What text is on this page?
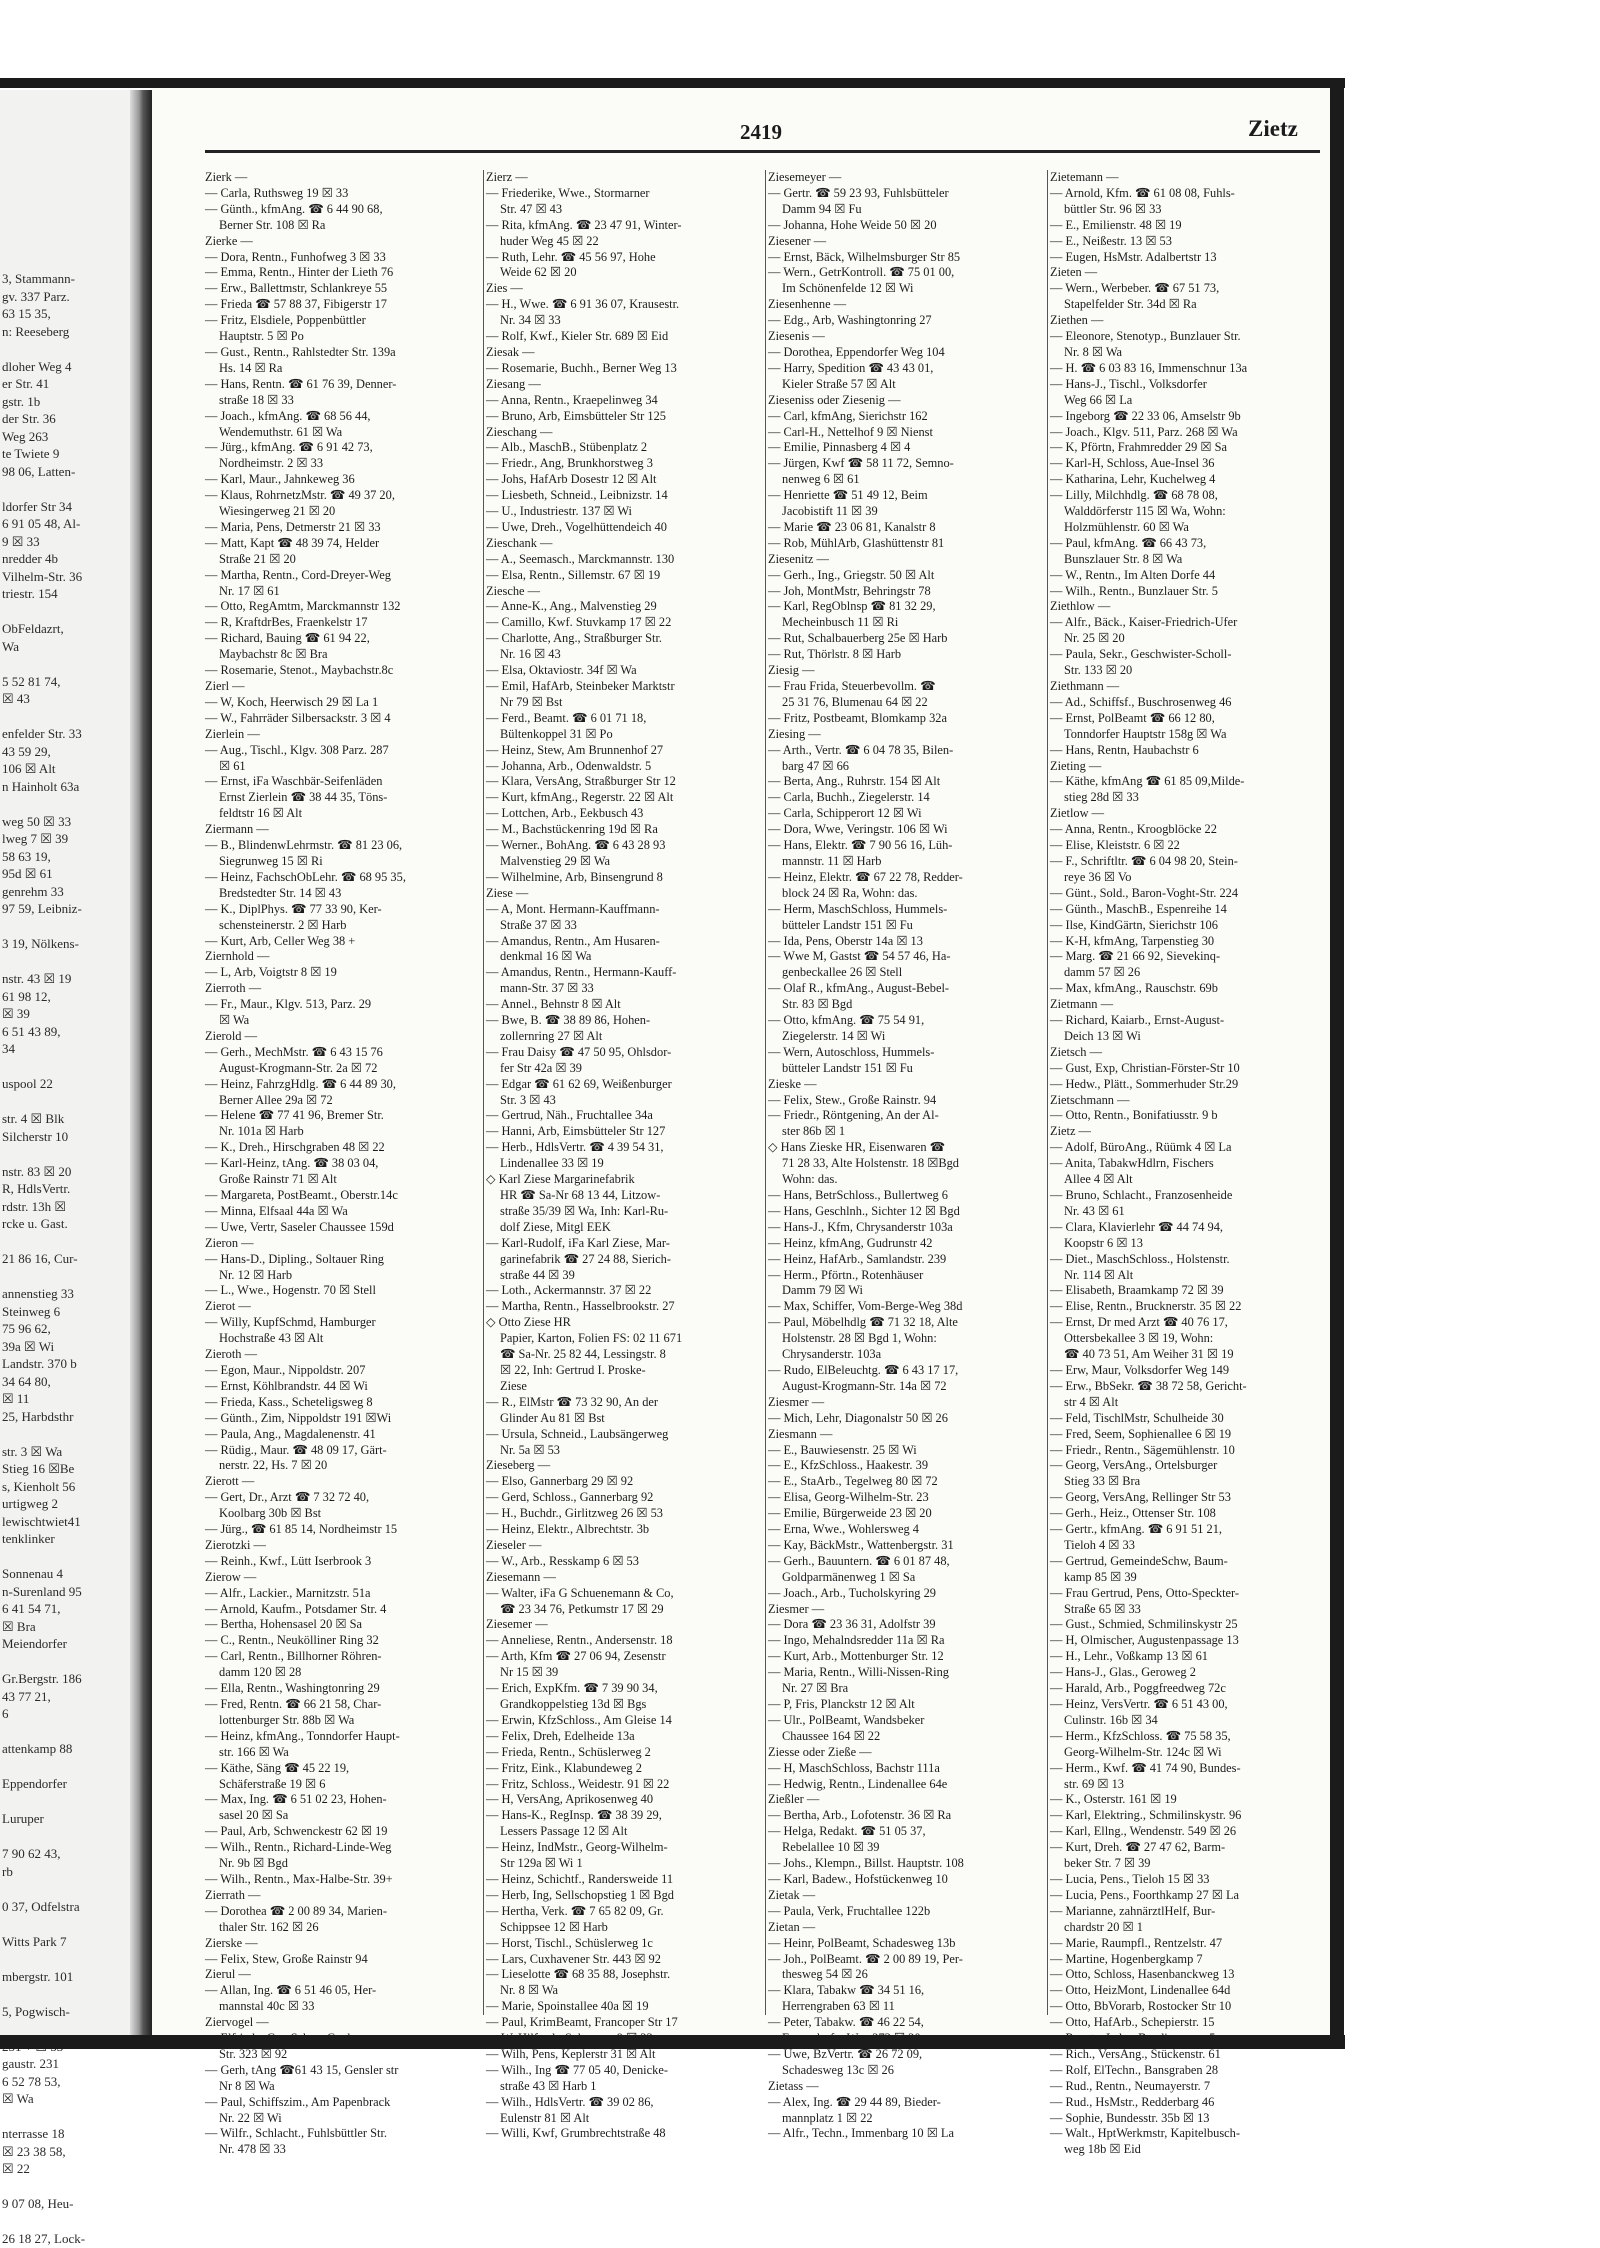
3, Stammann-
gv. 337 Parz.
63 15 35,
n: Reeseberg

dloher Weg 4
er Str. 41
gstr. 1b
der Str. 36
Weg 263
te Twiete 9
98 06, Latten-

ldorfer Str 34
6 91 05 48, Al-
9 ☒ 33
nredder 4b
Vilhelm-Str. 36
triestr. 154

ObFeldazrt,
Wa

5 52 81 74,
☒ 43

enfelder Str. 33
43 59 29,
106 ☒ Alt
n Hainholt 63a

weg 50 ☒ 33
lweg 7 ☒ 39
58 63 19,
95d ☒ 61
genrehm 33
97 59, Leibniz-

3 19, Nölkens-

nstr. 43 ☒ 19
61 98 12,
☒ 39
6 51 43 89,
34

uspool 22

str. 4 ☒ Blk
Silcherstr 10

nstr. 83 ☒ 20
R, HdlsVertr.
rdstr. 13h ☒
rcke u. Gast.

21 86 16, Cur-

annenstieg 33
Steinweg 6
75 96 62,
39a ☒ Wi
Landstr. 370 b
34 64 80,
☒ 11
25, Harbdsthr

str. 3 ☒ Wa
Stieg 16 ☒Be
s, Kienholt 56
urtigweg 2
lewischtwiet41
tenklinker

Sonnenau 4
n-Surenland 95
6 41 54 71,
☒ Bra
Meiendorfer

Gr.Bergstr. 186
43 77 21,
6

attenkamp 88

Eppendorfer

Luruper

7 90 62 43,
rb

0 37, Odfelstra

Witts Park 7

mbergstr. 101

5, Pogwisch-

gaustr. 231
6 52 78 53,
☒ Wa

nterrasse 18
☒ 23 38 58,
☒ 22

9 07 08, Heu-

26 18 27, Lock-
2419	Zietz
Zierk —
— Carla, Ruthsweg 19 ☒ 33
— Günth., kfmAng. ☎ 6 44 90 68,
Berner Str. 108 ☒ Ra
Zierke —
— Dora, Rentn., Funhofweg 3 ☒ 33
— Emma, Rentn., Hinter der Lieth 76
— Erw., Ballettmstr, Schlankreye 55
— Frieda ☎ 57 88 37, Fibigerstr 17
— Fritz, Elsdiele, Poppenbüttler
Hauptstr. 5 ☒ Po
— Gust., Rentn., Rahlstedter Str. 139a
Hs. 14 ☒ Ra
— Hans, Rentn. ☎ 61 76 39, Denner-
straße 18 ☒ 33
— Joach., kfmAng. ☎ 68 56 44,
Wendemuthstr. 61 ☒ Wa
— Jürg., kfmAng. ☎ 6 91 42 73,
Nordheimstr. 2 ☒ 33
— Karl, Maur., Jahnkeweg 36
— Klaus, RohrnetzMstr. ☎ 49 37 20,
Wiesingerweg 21 ☒ 20
— Maria, Pens, Detmerstr 21 ☒ 33
— Matt, Kapt ☎ 48 39 74, Helder
Straße 21 ☒ 20
— Martha, Rentn., Cord-Dreyer-Weg
Nr. 17 ☒ 61
— Otto, RegAmtm, Marckmannstr 132
— R, KraftdrBes, Fraenkelstr 17
— Richard, Bauing ☎ 61 94 22,
Maybachstr 8c ☒ Bra
— Rosemarie, Stenot., Maybachstr.8c
Zierl —
— W, Koch, Heerwisch 29 ☒ La 1
— W., Fahrräder Silbersackstr. 3 ☒ 4
Zierlein —
— Aug., Tischl., Klgv. 308 Parz. 287
☒ 61
— Ernst, iFa Waschbär-Seifenläden
Ernst Zierlein ☎ 38 44 35, Töns-
feldtstr 16 ☒ Alt
Ziermann —
— B., BlindenwLehrmstr. ☎ 81 23 06,
Siegrunweg 15 ☒ Ri
— Heinz, FachschObLehr. ☎ 68 95 35,
Bredstedter Str. 14 ☒ 43
— K., DiplPhys. ☎ 77 33 90, Ker-
schensteinerstr. 2 ☒ Harb
— Kurt, Arb, Celler Weg 38 +
Ziernhold —
— L, Arb, Voigtstr 8 ☒ 19
Zierroth —
— Fr., Maur., Klgv. 513, Parz. 29
☒ Wa
Zierold —
— Gerh., MechMstr. ☎ 6 43 15 76
August-Krogmann-Str. 2a ☒ 72
— Heinz, FahrzgHdlg. ☎ 6 44 89 30,
Berner Allee 29a ☒ 72
— Helene ☎ 77 41 96, Bremer Str.
Nr. 101a ☒ Harb
— K., Dreh., Hirschgraben 48 ☒ 22
— Karl-Heinz, tAng. ☎ 38 03 04,
Große Rainstr 71 ☒ Alt
— Margareta, PostBeamt., Oberstr.14c
— Minna, Elfsaal 44a ☒ Wa
— Uwe, Vertr, Saseler Chaussee 159d
Zieron —
— Hans-D., Dipling., Soltauer Ring
Nr. 12 ☒ Harb
— L., Wwe., Hogenstr. 70 ☒ Stell
Zierot —
— Willy, KupfSchmd, Hamburger
Hochstraße 43 ☒ Alt
Zieroth —
— Egon, Maur., Nippoldstr. 207
— Ernst, Köhlbrandstr. 44 ☒ Wi
— Frieda, Kass., Scheteligsweg 8
— Günth., Zim, Nippoldstr 191 ☒Wi
— Paula, Ang., Magdalenenstr. 41
— Rüdig., Maur. ☎ 48 09 17, Gärt-
nerstr. 22, Hs. 7 ☒ 20
Zierott —
— Gert, Dr., Arzt ☎ 7 32 72 40,
Koolbarg 30b ☒ Bst
— Jürg., ☎ 61 85 14, Nordheimstr 15
Zierotzki —
— Reinh., Kwf., Lütt Iserbrook 3
Zierow —
— Alfr., Lackier., Marnitzstr. 51a
— Arnold, Kaufm., Potsdamer Str. 4
— Bertha, Hohensasel 20 ☒ Sa
— C., Rentn., Neukölliner Ring 32
— Carl, Rentn., Billhorner Röhren-
damm 120 ☒ 28
— Ella, Rentn., Washingtonring 29
— Fred, Rentn. ☎ 66 21 58, Char-
lottenburger Str. 88b ☒ Wa
— Heinz, kfmAng., Tonndorfer Haupt-
str. 166 ☒ Wa
— Käthe, Säng ☎ 45 22 19,
Schäferstraße 19 ☒ 6
— Max, Ing. ☎ 6 51 02 23, Hohen-
sasel 20 ☒ Sa
— Paul, Arb, Schwenckestr 62 ☒ 19
— Wilh., Rentn., Richard-Linde-Weg
Nr. 9b ☒ Bgd
— Wilh., Rentn., Max-Halbe-Str. 39+
Zierrath —
— Dorothea ☎ 2 00 89 34, Marien-
thaler Str. 162 ☒ 26
Zierske —
— Felix, Stew, Große Rainstr 94
Zierul —
— Allan, Ing. ☎ 6 51 46 05, Her-
mannstal 40c ☒ 33
Ziervogel —
— Elfriede, GemSchw., Cuxhavener
Str. 323 ☒ 92
— Gerh, tAng ☎61 43 15, Gensler str
Nr 8 ☒ Wa
— Paul, Schiffszim., Am Papenbrack
Nr. 22 ☒ Wi
— Wilfr., Schlacht., Fuhlsbüttler Str.
Nr. 478 ☒ 33
Zierz —
— Friederike, Wwe., Stormarner
Str. 47 ☒ 43
— Rita, kfmAng. ☎ 23 47 91, Winter-
huder Weg 45 ☒ 22
— Ruth, Lehr. ☎ 45 56 97, Hohe
Weide 62 ☒ 20
Zies —
— H., Wwe. ☎ 6 91 36 07, Krausestr.
Nr. 34 ☒ 33
— Rolf, Kwf., Kieler Str. 689 ☒ Eid
Ziesak —
— Rosemarie, Buchh., Berner Weg 13
Ziesang —
— Anna, Rentn., Kraepelinweg 34
— Bruno, Arb, Eimsbütteler Str 125
Zieschang —
— Alb., MaschB., Stübenplatz 2
— Friedr., Ang, Brunkhorstweg 3
— Johs, HafArb Dosestr 12 ☒ Alt
— Liesbeth, Schneid., Leibnizstr. 14
— U., Industriestr. 137 ☒ Wi
— Uwe, Dreh., Vogelhüttendeich 40
Zieschank —
— A., Seemasch., Marckmannstr. 130
— Elsa, Rentn., Sillemstr. 67 ☒ 19
Ziesche —
— Anne-K., Ang., Malvenstieg 29
— Camillo, Kwf. Stuvkamp 17 ☒ 22
— Charlotte, Ang., Straßburger Str.
Nr. 16 ☒ 43
— Elsa, Oktaviostr. 34f ☒ Wa
— Emil, HafArb, Steinbeker Marktstr
Nr 79 ☒ Bst
— Ferd., Beamt. ☎ 6 01 71 18,
Bültenkoppel 31 ☒ Po
— Heinz, Stew, Am Brunnenhof 27
— Johanna, Arb., Odenwaldstr. 5
— Klara, VersAng, Straßburger Str 12
— Kurt, kfmAng., Regerstr. 22 ☒ Alt
— Lottchen, Arb., Eekbusch 43
— M., Bachstückenring 19d ☒ Ra
— Werner., BohAng. ☎ 6 43 28 93
Malvenstieg 29 ☒ Wa
— Wilhelmine, Arb, Binsengrund 8
Ziese —
— A, Mont. Hermann-Kauffmann-
Straße 37 ☒ 33
— Amandus, Rentn., Am Husaren-
denkmal 16 ☒ Wa
— Amandus, Rentn., Hermann-Kauff-
mann-Str. 37 ☒ 33
— Annel., Behnstr 8 ☒ Alt
— Bwe, B. ☎ 38 89 86, Hohen-
zollernring 27 ☒ Alt
— Frau Daisy ☎ 47 50 95, Ohlsdor-
fer Str 42a ☒ 39
— Edgar ☎ 61 62 69, Weißenburger
Str. 3 ☒ 43
— Gertrud, Näh., Fruchtallee 34a
— Hanni, Arb, Eimsbütteler Str 127
— Herb., HdlsVertr. ☎ 4 39 54 31,
Lindenallee 33 ☒ 19
◇ Karl Ziese Margarinefabrik
HR ☎ Sa-Nr 68 13 44, Litzow-
straße 35/39 ☒ Wa, Inh: Karl-Ru-
dolf Ziese, Mitgl EEK
— Karl-Rudolf, iFa Karl Ziese, Mar-
garinefabrik ☎ 27 24 88, Sierich-
straße 44 ☒ 39
— Loth., Ackermannstr. 37 ☒ 22
— Martha, Rentn., Hasselbrookstr. 27
◇ Otto Ziese HR
Papier, Karton, Folien FS: 02 11 671
☎ Sa-Nr. 25 82 44, Lessingstr. 8
☒ 22, Inh: Gertrud I. Proske-
Ziese
— R., ElMstr ☎ 73 32 90, An der
Glinder Au 81 ☒ Bst
— Ursula, Schneid., Laubsängerweg
Nr. 5a ☒ 53
Zieseberg —
— Elso, Gannerbarg 29 ☒ 92
— Gerd, Schloss., Gannerbarg 92
— H., Buchdr., Girlitzweg 26 ☒ 53
— Heinz, Elektr., Albrechtstr. 3b
Zieseler —
— W., Arb., Resskamp 6 ☒ 53
Ziesemann —
— Walter, iFa G Schuenemann & Co,
☎ 23 34 76, Petkumstr 17 ☒ 29
Ziesemer —
— Anneliese, Rentn., Andersenstr. 18
— Arth, Kfm ☎ 27 06 94, Zesenstr
Nr 15 ☒ 39
— Erich, ExpKfm. ☎ 7 39 90 34,
Grandkoppelstieg 13d ☒ Bgs
— Erwin, KfzSchloss., Am Gleise 14
— Felix, Dreh, Edelheide 13a
— Frieda, Rentn., Schüslerweg 2
— Fritz, Eink., Klabundeweg 2
— Fritz, Schloss., Weidestr. 91 ☒ 22
— H, VersAng, Aprikosenweg 40
— Hans-K., RegInsp. ☎ 38 39 29,
Lessers Passage 12 ☒ Alt
— Heinz, IndMstr., Georg-Wilhelm-
Str 129a ☒ Wi 1
— Heinz, Schichtf., Randersweide 11
— Herb, Ing, Sellschopstieg 1 ☒ Bgd
— Hertha, Verk. ☎ 7 65 82 09, Gr.
Schippsee 12 ☒ Harb
— Horst, Tischl., Schüslerweg 1c
— Lars, Cuxhavener Str. 443 ☒ 92
— Lieselotte ☎ 68 35 88, Josephstr.
Nr. 8 ☒ Wa
— Marie, Spoinstallee 40a ☒ 19
— Paul, KrimBeamt, Francoper Str 17
— W, Hilfsarb, Suhrsweg 9 ☒ 33
— Wilh, Pens, Keplerstr 31 ☒ Alt
— Wilh., Ing ☎ 77 05 40, Denicke-
straße 43 ☒ Harb 1
— Wilh., HdlsVertr. ☎ 39 02 86,
Eulenstr 81 ☒ Alt
— Willi, Kwf, Grumbrechtstraße 48
Ziesemeyer —
— Gertr. ☎ 59 23 93, Fuhlsbütteler
Damm 94 ☒ Fu
— Johanna, Hohe Weide 50 ☒ 20
Ziesener —
— Ernst, Bäck, Wilhelmsburger Str 85
— Wern., GetrKontroll. ☎ 75 01 00,
Im Schönenfelde 12 ☒ Wi
Ziesenhenne —
— Edg., Arb, Washingtonring 27
Ziesenis —
— Dorothea, Eppendorfer Weg 104
— Harry, Spedition ☎ 43 43 01,
Kieler Straße 57 ☒ Alt
Zieseniss oder Ziesenig —
— Carl, kfmAng, Sierichstr 162
— Carl-H., Nettelhof 9 ☒ Nienst
— Emilie, Pinnasberg 4 ☒ 4
— Jürgen, Kwf ☎ 58 11 72, Semno-
nenweg 6 ☒ 61
— Henriette ☎ 51 49 12, Beim
Jacobistift 11 ☒ 39
— Marie ☎ 23 06 81, Kanalstr 8
— Rob, MühlArb, Glashüttenstr 81
Ziesenitz —
— Gerh., Ing., Griegstr. 50 ☒ Alt
— Joh, MontMstr, Behringstr 78
— Karl, RegOblnsp ☎ 81 32 29,
Mecheinbusch 11 ☒ Ri
— Rut, Schalbauerberg 25e ☒ Harb
— Rut, Thörlstr. 8 ☒ Harb
Ziesig —
— Frau Frida, Steuerbevollm. ☎
25 31 76, Blumenau 64 ☒ 22
— Fritz, Postbeamt, Blomkamp 32a
Ziesing —
— Arth., Vertr. ☎ 6 04 78 35, Bilen-
barg 47 ☒ 66
— Berta, Ang., Ruhrstr. 154 ☒ Alt
— Carla, Buchh., Ziegelerstr. 14
— Carla, Schipperort 12 ☒ Wi
— Dora, Wwe, Veringstr. 106 ☒ Wi
— Hans, Elektr. ☎ 7 90 56 16, Lüh-
mannstr. 11 ☒ Harb
— Heinz, Elektr. ☎ 67 22 78, Redder-
block 24 ☒ Ra, Wohn: das.
— Herm, MaschSchloss, Hummels-
bütteler Landstr 151 ☒ Fu
— Ida, Pens, Oberstr 14a ☒ 13
— Wwe M, Gastst ☎ 54 57 46, Ha-
genbeckallee 26 ☒ Stell
— Olaf R., kfmAng., August-Bebel-
Str. 83 ☒ Bgd
— Otto, kfmAng. ☎ 75 54 91,
Ziegelerstr. 14 ☒ Wi
— Wern, Autoschloss, Hummels-
bütteler Landstr 151 ☒ Fu
Zieske —
— Felix, Stew., Große Rainstr. 94
— Friedr., Röntgening, An der Al-
ster 86b ☒ 1
◇ Hans Zieske HR, Eisenwaren ☎
71 28 33, Alte Holstenstr. 18 ☒Bgd
Wohn: das.
— Hans, BetrSchloss., Bullertweg 6
— Hans, Geschlnh., Sichter 12 ☒ Bgd
— Hans-J., Kfm, Chrysanderstr 103a
— Heinz, kfmAng, Gudrunstr 42
— Heinz, HafArb., Samlandstr. 239
— Herm., Pförtn., Rotenhäuser
Damm 79 ☒ Wi
— Max, Schiffer, Vom-Berge-Weg 38d
— Paul, Möbelhdlg ☎ 71 32 18, Alte
Holstenstr. 28 ☒ Bgd 1, Wohn:
Chrysanderstr. 103a
— Rudo, ElBeleuchtg. ☎ 6 43 17 17,
August-Krogmann-Str. 14a ☒ 72
Ziesmer —
— Mich, Lehr, Diagonalstr 50 ☒ 26
Ziesmann —
— E., Bauwiesenstr. 25 ☒ Wi
— E., KfzSchloss., Haakestr. 39
— E., StaArb., Tegelweg 80 ☒ 72
— Elisa, Georg-Wilhelm-Str. 23
— Emilie, Bürgerweide 23 ☒ 20
— Erna, Wwe., Wohlersweg 4
— Kay, BäckMstr., Wattenbergstr. 31
— Gerh., Bauuntern. ☎ 6 01 87 48,
Goldparmänenweg 1 ☒ Sa
— Joach., Arb., Tucholskyring 29
Ziesmer —
— Dora ☎ 23 36 31, Adolfstr 39
— Ingo, Mehalndsredder 11a ☒ Ra
— Kurt, Arb., Mottenburger Str. 12
— Maria, Rentn., Willi-Nissen-Ring
Nr. 27 ☒ Bra
— P, Fris, Planckstr 12 ☒ Alt
— Ulr., PolBeamt, Wandsbeker
Chaussee 164 ☒ 22
Ziesse oder Zieße —
— H, MaschSchloss, Bachstr 111a
— Hedwig, Rentn., Lindenallee 64e
Zießler —
— Bertha, Arb., Lofotenstr. 36 ☒ Ra
— Helga, Redakt. ☎ 51 05 37,
Rebelallee 10 ☒ 39
— Johs., Klempn., Billst. Hauptstr. 108
— Karl, Badew., Hofstückenweg 10
Zietak —
— Paula, Verk, Fruchtallee 122b
Zietan —
— Heinr, PolBeamt, Schadesweg 13b
— Joh., PolBeamt. ☎ 2 00 89 19, Per-
thesweg 54 ☒ 26
— Klara, Tabakw ☎ 34 51 16,
Herrengraben 63 ☒ 11
— Peter, Tabakw. ☎ 46 22 54,
Eppendorfer Weg 273 ☒ 20
— Uwe, BzVertr. ☎ 26 72 09,
Schadesweg 13c ☒ 26
Zietass —
— Alex, Ing. ☎ 29 44 89, Bieder-
mannplatz 1 ☒ 22
— Alfr., Techn., Immenbarg 10 ☒ La
Zietemann —
— Arnold, Kfm. ☎ 61 08 08, Fuhls-
büttler Str. 96 ☒ 33
— E., Emilienstr. 48 ☒ 19
— E., Neißestr. 13 ☒ 53
— Eugen, HsMstr. Adalbertstr 13
Zieten —
— Wern., Werbeber. ☎ 67 51 73,
Stapelfelder Str. 34d ☒ Ra
Ziethen —
— Eleonore, Stenotyp., Bunzlauer Str.
Nr. 8 ☒ Wa
— H. ☎ 6 03 83 16, Immenschnur 13a
— Hans-J., Tischl., Volksdorfer
Weg 66 ☒ La
— Ingeborg ☎ 22 33 06, Amselstr 9b
— Joach., Klgv. 511, Parz. 268 ☒ Wa
— K, Pförtn, Frahmredder 29 ☒ Sa
— Karl-H, Schloss, Aue-Insel 36
— Katharina, Lehr, Kuchelweg 4
— Lilly, Milchhdlg. ☎ 68 78 08,
Walddörferstr 115 ☒ Wa, Wohn:
Holzmühlenstr. 60 ☒ Wa
— Paul, kfmAng. ☎ 66 43 73,
Bunszlauer Str. 8 ☒ Wa
— W., Rentn., Im Alten Dorfe 44
— Wilh., Rentn., Bunzlauer Str. 5
Ziethlow —
— Alfr., Bäck., Kaiser-Friedrich-Ufer
Nr. 25 ☒ 20
— Paula, Sekr., Geschwister-Scholl-
Str. 133 ☒ 20
Ziethmann —
— Ad., Schiffsf., Buschrosenweg 46
— Ernst, PolBeamt ☎ 66 12 80,
Tonndorfer Hauptstr 158g ☒ Wa
— Hans, Rentn, Haubachstr 6
Zieting —
— Käthe, kfmAng ☎ 61 85 09,Milde-
stieg 28d ☒ 33
Zietlow —
— Anna, Rentn., Kroogblöcke 22
— Elise, Kleiststr. 6 ☒ 22
— F., Schriftltr. ☎ 6 04 98 20, Stein-
reye 36 ☒ Vo
— Günt., Sold., Baron-Voght-Str. 224
— Günth., MaschB., Espenreihe 14
— Ilse, KindGärtn, Sierichstr 106
— K-H, kfmAng, Tarpenstieg 30
— Marg. ☎ 21 66 92, Sievekinq-
damm 57 ☒ 26
— Max, kfmAng., Rauschstr. 69b
Zietmann —
— Richard, Kaiarb., Ernst-August-
Deich 13 ☒ Wi
Zietsch —
— Gust, Exp, Christian-Förster-Str 10
— Hedw., Plätt., Sommerhuder Str.29
Zietschmann —
— Otto, Rentn., Bonifatiusstr. 9 b
Zietz —
— Adolf, BüroAng., Rüümk 4 ☒ La
— Anita, TabakwHdlrn, Fischers
Allee 4 ☒ Alt
— Bruno, Schlacht., Franzosenheide
Nr. 43 ☒ 61
— Clara, Klavierlehr ☎ 44 74 94,
Koopstr 6 ☒ 13
— Diet., MaschSchloss., Holstenstr.
Nr. 114 ☒ Alt
— Elisabeth, Braamkamp 72 ☒ 39
— Elise, Rentn., Brucknerstr. 35 ☒ 22
— Ernst, Dr med Arzt ☎ 40 76 17,
Ottersbekallee 3 ☒ 19, Wohn:
☎ 40 73 51, Am Weiher 31 ☒ 19
— Erw, Maur, Volksdorfer Weg 149
— Erw., BbSekr. ☎ 38 72 58, Gericht-
str 4 ☒ Alt
— Feld, TischlMstr, Schulheide 30
— Fred, Seem, Sophienallee 6 ☒ 19
— Friedr., Rentn., Sägemühlenstr. 10
— Georg, VersAng., Ortelsburger
Stieg 33 ☒ Bra
— Georg, VersAng, Rellinger Str 53
— Gerh., Heiz., Ottenser Str. 108
— Gertr., kfmAng. ☎ 6 91 51 21,
Tieloh 4 ☒ 33
— Gertrud, GemeindeSchw, Baum-
kamp 85 ☒ 39
— Frau Gertrud, Pens, Otto-Speckter-
Straße 65 ☒ 33
— Gust., Schmied, Schmilinskystr 25
— H, Olmischer, Augustenpassage 13
— H., Lehr., Voßkamp 13 ☒ 61
— Hans-J., Glas., Geroweg 2
— Harald, Arb., Poggfreedweg 72c
— Heinz, VersVertr. ☎ 6 51 43 00,
Culinstr. 16b ☒ 34
— Herm., KfzSchloss. ☎ 75 58 35,
Georg-Wilhelm-Str. 124c ☒ Wi
— Herm., Kwf. ☎ 41 74 90, Bundes-
str. 69 ☒ 13
— K., Osterstr. 161 ☒ 19
— Karl, Elektring., Schmilinskystr. 96
— Karl, Ellng., Wendenstr. 549 ☒ 26
— Kurt, Dreh. ☎ 27 47 62, Barm-
beker Str. 7 ☒ 39
— Lucia, Pens., Tieloh 15 ☒ 33
— Lucia, Pens., Foorthkamp 27 ☒ La
— Marianne, zahnärztlHelf, Bur-
chardstr 20 ☒ 1
— Marie, Raumpfl., Rentzelstr. 47
— Martine, Hogenbergkamp 7
— Otto, Schloss, Hasenbanckweg 13
— Otto, HeizMont, Lindenallee 64d
— Otto, BbVorarb, Rostocker Str 10
— Otto, HafArb., Schepierstr. 15
— Renate, Lehr., Bendixenweg 5
— Rich., VersAng., Stückenstr. 61
— Rolf, ElTechn., Bansgraben 28
— Rud., Rentn., Neumayerstr. 7
— Rud., HsMstr., Redderbarg 46
— Sophie, Bundesstr. 35b ☒ 13
— Walt., HptWerkmstr, Kapitelbusch-
weg 18b ☒ Eid
